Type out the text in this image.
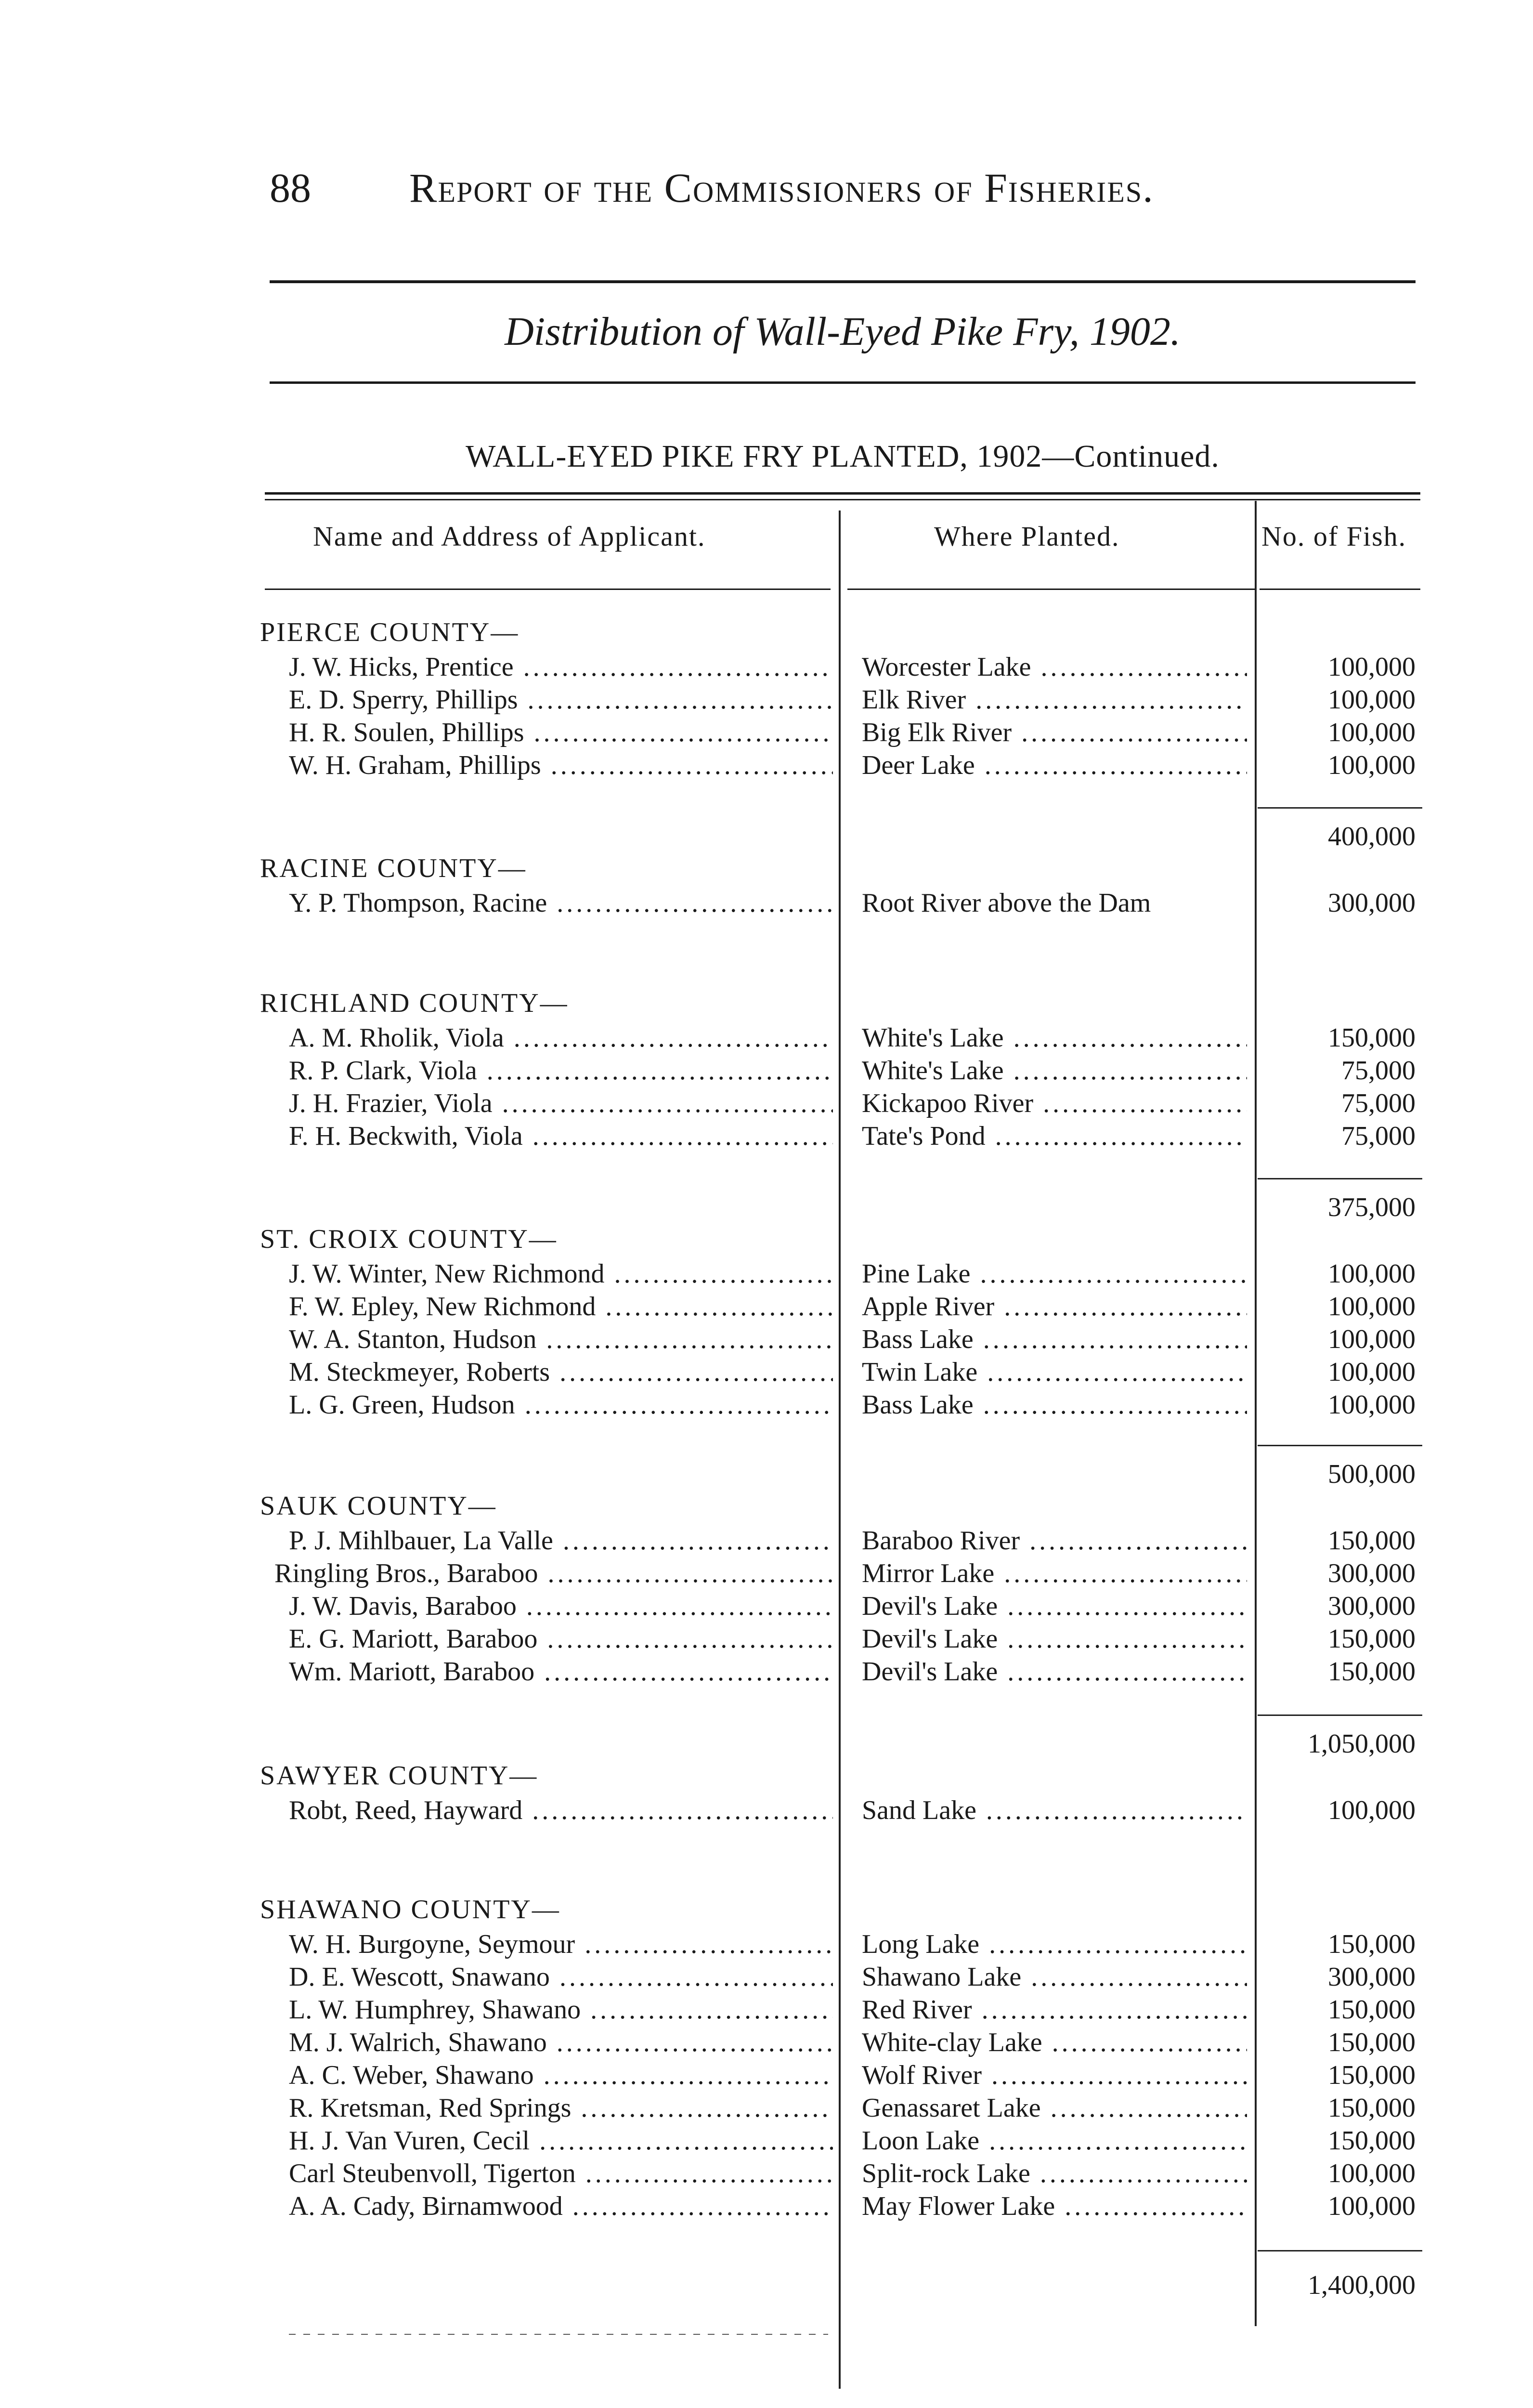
88 Report of the Commissioners of Fisheries.
Distribution of Wall-Eyed Pike Fry, 1902.
WALL-EYED PIKE FRY PLANTED, 1902—Continued.
Name and Address of Applicant.	Where Planted.	No. of Fish.
PIERCE COUNTY—
J. W. Hicks, Prentice .....	Worcester Lake .....	100,000
E. D. Sperry, Phillips .....	Elk River .....	100,000
H. R. Soulen, Phillips .....	Big Elk River .....	100,000
W. H. Graham, Phillips .....	Deer Lake .....	100,000
400,000
RACINE COUNTY—
Y. P. Thompson, Racine .....	Root River above the Dam	300,000
RICHLAND COUNTY—
A. M. Rholik, Viola .....	White's Lake .....	150,000
R. P. Clark, Viola .....	White's Lake .....	75,000
J. H. Frazier, Viola .....	Kickapoo River .....	75,000
F. H. Beckwith, Viola .....	Tate's Pond .....	75,000
375,000
ST. CROIX COUNTY—
J. W. Winter, New Richmond .....	Pine Lake .....	100,000
F. W. Epley, New Richmond .....	Apple River .....	100,000
W. A. Stanton, Hudson .....	Bass Lake .....	100,000
M. Steckmeyer, Roberts .....	Twin Lake .....	100,000
L. G. Green, Hudson .....	Bass Lake .....	100,000
500,000
SAUK COUNTY—
P. J. Mihlbauer, La Valle .....	Baraboo River .....	150,000
Ringling Bros., Baraboo .....	Mirror Lake .....	300,000
J. W. Davis, Baraboo .....	Devil's Lake .....	300,000
E. G. Mariott, Baraboo .....	Devil's Lake .....	150,000
Wm. Mariott, Baraboo .....	Devil's Lake .....	150,000
1,050,000
SAWYER COUNTY—
Robt, Reed, Hayward .....	Sand Lake .....	100,000
SHAWANO COUNTY—
W. H. Burgoyne, Seymour .....	Long Lake .....	150,000
D. E. Wescott, Snawano .....	Shawano Lake .....	300,000
L. W. Humphrey, Shawano .....	Red River .....	150,000
M. J. Walrich, Shawano .....	White-clay Lake .....	150,000
A. C. Weber, Shawano .....	Wolf River .....	150,000
R. Kretsman, Red Springs .....	Genassaret Lake .....	150,000
H. J. Van Vuren, Cecil .....	Loon Lake .....	150,000
Carl Steubenvoll, Tigerton .....	Split-rock Lake .....	100,000
A. A. Cady, Birnamwood .....	May Flower Lake .....	100,000
1,400,000
